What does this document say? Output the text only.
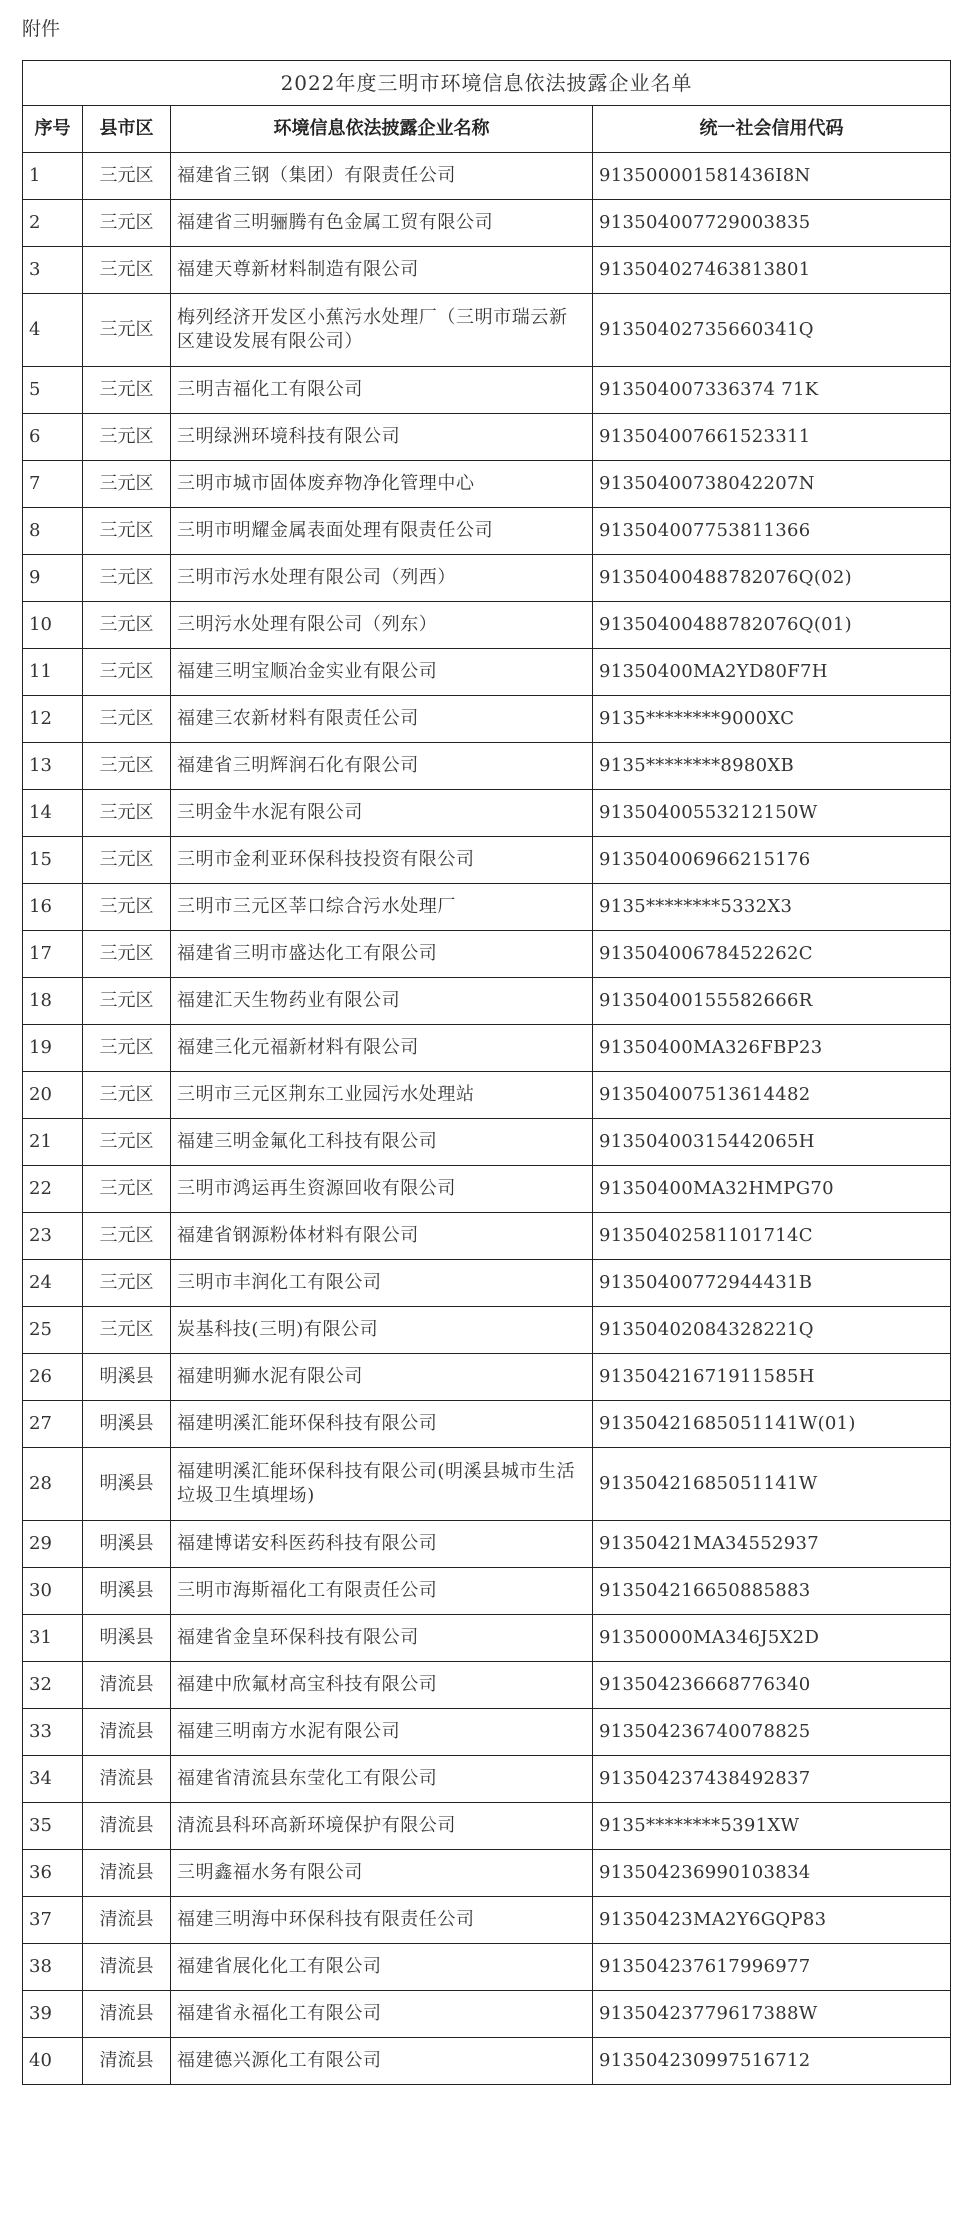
附件
2022年度三明市环境信息依法披露企业名单			
序号	县市区	环境信息依法披露企业名称	统一社会信用代码
1	三元区	福建省三钢（集团）有限责任公司	913500001581436I8N
2	三元区	福建省三明骊腾有色金属工贸有限公司	913504007729003835
3	三元区	福建天尊新材料制造有限公司	913504027463813801
4	三元区	梅列经济开发区小蕉污水处理厂（三明市瑞云新区建设发展有限公司）	91350402735660341Q
5	三元区	三明吉福化工有限公司	913504007336374 71K
6	三元区	三明绿洲环境科技有限公司	913504007661523311
7	三元区	三明市城市固体废弃物净化管理中心	91350400738042207N
8	三元区	三明市明耀金属表面处理有限责任公司	913504007753811366
9	三元区	三明市污水处理有限公司（列西）	91350400488782076Q(02)
10	三元区	三明污水处理有限公司（列东）	91350400488782076Q(01)
11	三元区	福建三明宝顺冶金实业有限公司	91350400MA2YD80F7H
12	三元区	福建三农新材料有限责任公司	9135********9000XC
13	三元区	福建省三明辉润石化有限公司	9135********8980XB
14	三元区	三明金牛水泥有限公司	91350400553212150W
15	三元区	三明市金利亚环保科技投资有限公司	913504006966215176
16	三元区	三明市三元区莘口综合污水处理厂	9135********5332X3
17	三元区	福建省三明市盛达化工有限公司	91350400678452262C
18	三元区	福建汇天生物药业有限公司	91350400155582666R
19	三元区	福建三化元福新材料有限公司	91350400MA326FBP23
20	三元区	三明市三元区荆东工业园污水处理站	913504007513614482
21	三元区	福建三明金氟化工科技有限公司	91350400315442065H
22	三元区	三明市鸿运再生资源回收有限公司	91350400MA32HMPG70
23	三元区	福建省钢源粉体材料有限公司	91350402581101714C
24	三元区	三明市丰润化工有限公司	91350400772944431B
25	三元区	炭基科技(三明)有限公司	91350402084328221Q
26	明溪县	福建明狮水泥有限公司	91350421671911585H
27	明溪县	福建明溪汇能环保科技有限公司	91350421685051141W(01)
28	明溪县	福建明溪汇能环保科技有限公司(明溪县城市生活垃圾卫生填埋场)	91350421685051141W
29	明溪县	福建博诺安科医药科技有限公司	91350421MA34552937
30	明溪县	三明市海斯福化工有限责任公司	913504216650885883
31	明溪县	福建省金皇环保科技有限公司	91350000MA346J5X2D
32	清流县	福建中欣氟材高宝科技有限公司	913504236668776340
33	清流县	福建三明南方水泥有限公司	913504236740078825
34	清流县	福建省清流县东莹化工有限公司	913504237438492837
35	清流县	清流县科环高新环境保护有限公司	9135********5391XW
36	清流县	三明鑫福水务有限公司	913504236990103834
37	清流县	福建三明海中环保科技有限责任公司	91350423MA2Y6GQP83
38	清流县	福建省展化化工有限公司	913504237617996977
39	清流县	福建省永福化工有限公司	91350423779617388W
40	清流县	福建德兴源化工有限公司	913504230997516712
